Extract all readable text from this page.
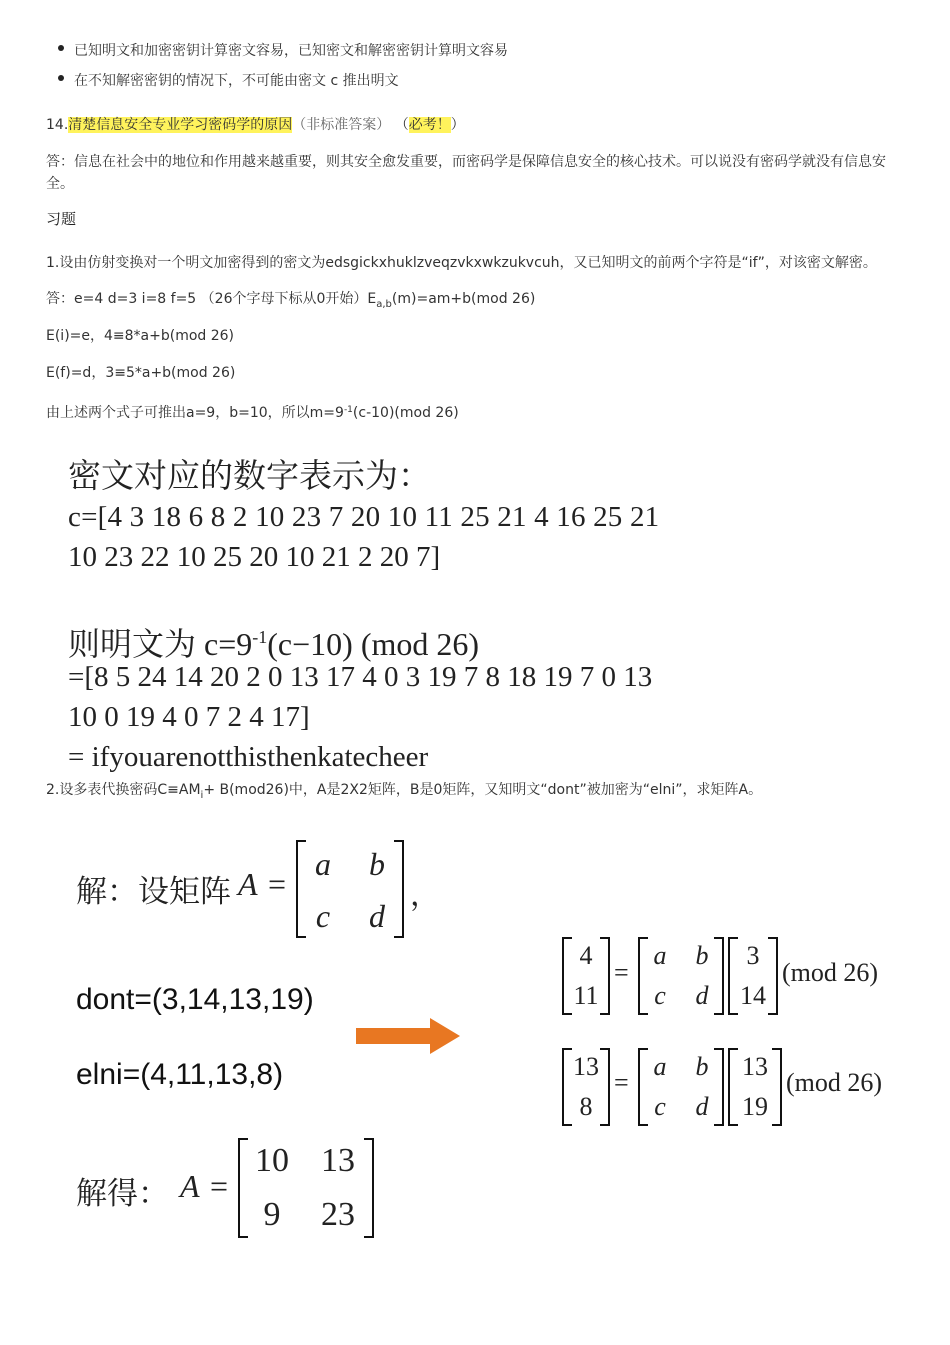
已知明文和加密密钥计算密文容易，已知密文和解密密钥计算明文容易
在不知解密密钥的情况下，不可能由密文 c 推出明文
14.清楚信息安全专业学习密码学的原因（非标准答案） （必考！）
答：信息在社会中的地位和作用越来越重要，则其安全愈发重要，而密码学是保障信息安全的核心技术。可以说没有密码学就没有信息安全。
习题
1.设由仿射变换对一个明文加密得到的密文为edsgickxhuklzveqzvkxwkzukvcuh，又已知明文的前两个字符是“if”，对该密文解密。
答：e=4 d=3 i=8 f=5 （26个字母下标从0开始）$E_{a,b}(m)=am+b(mod$ 26)
E(i)=e，4≡8*a+b(mod 26)
E(f)=d，3≡5*a+b(mod 26)
由上述两个式子可推出a=9，b=10，所以$m=9^{-1}(c-10)(mod$ 26)
密文对应的数字表示为：
c=[4 3 18 6 8 2 10 23 7 20 10 11 25 21 4 16 25 21
10 23 22 10 25 20 10 21 2 20 7]
则明文为 $c=9^{-1}(c-10)$ (mod 26)
=[8 5 24 14 20 2 0 13 17 4 0 3 19 7 8 18 19 7 0 13
10 0 19 4 0 7 2 4 17]
= ifyouarenotthisthenkatecheer
2.设多表代换密码$C\equiv AM_i+ B(mod26)$中，A是2X2矩阵，B是0矩阵，又知明文“dont”被加密为“elni”，求矩阵A。
解：设矩阵 A =
a b
c d
，
dont=(3,14,13,19)
elni=(4,11,13,8)
4
11
=
a b
c	d
3
14
(mod 26)
13
8
=
a b
c	d
13
19
(mod 26)
解得： A =
10 13
9	23
